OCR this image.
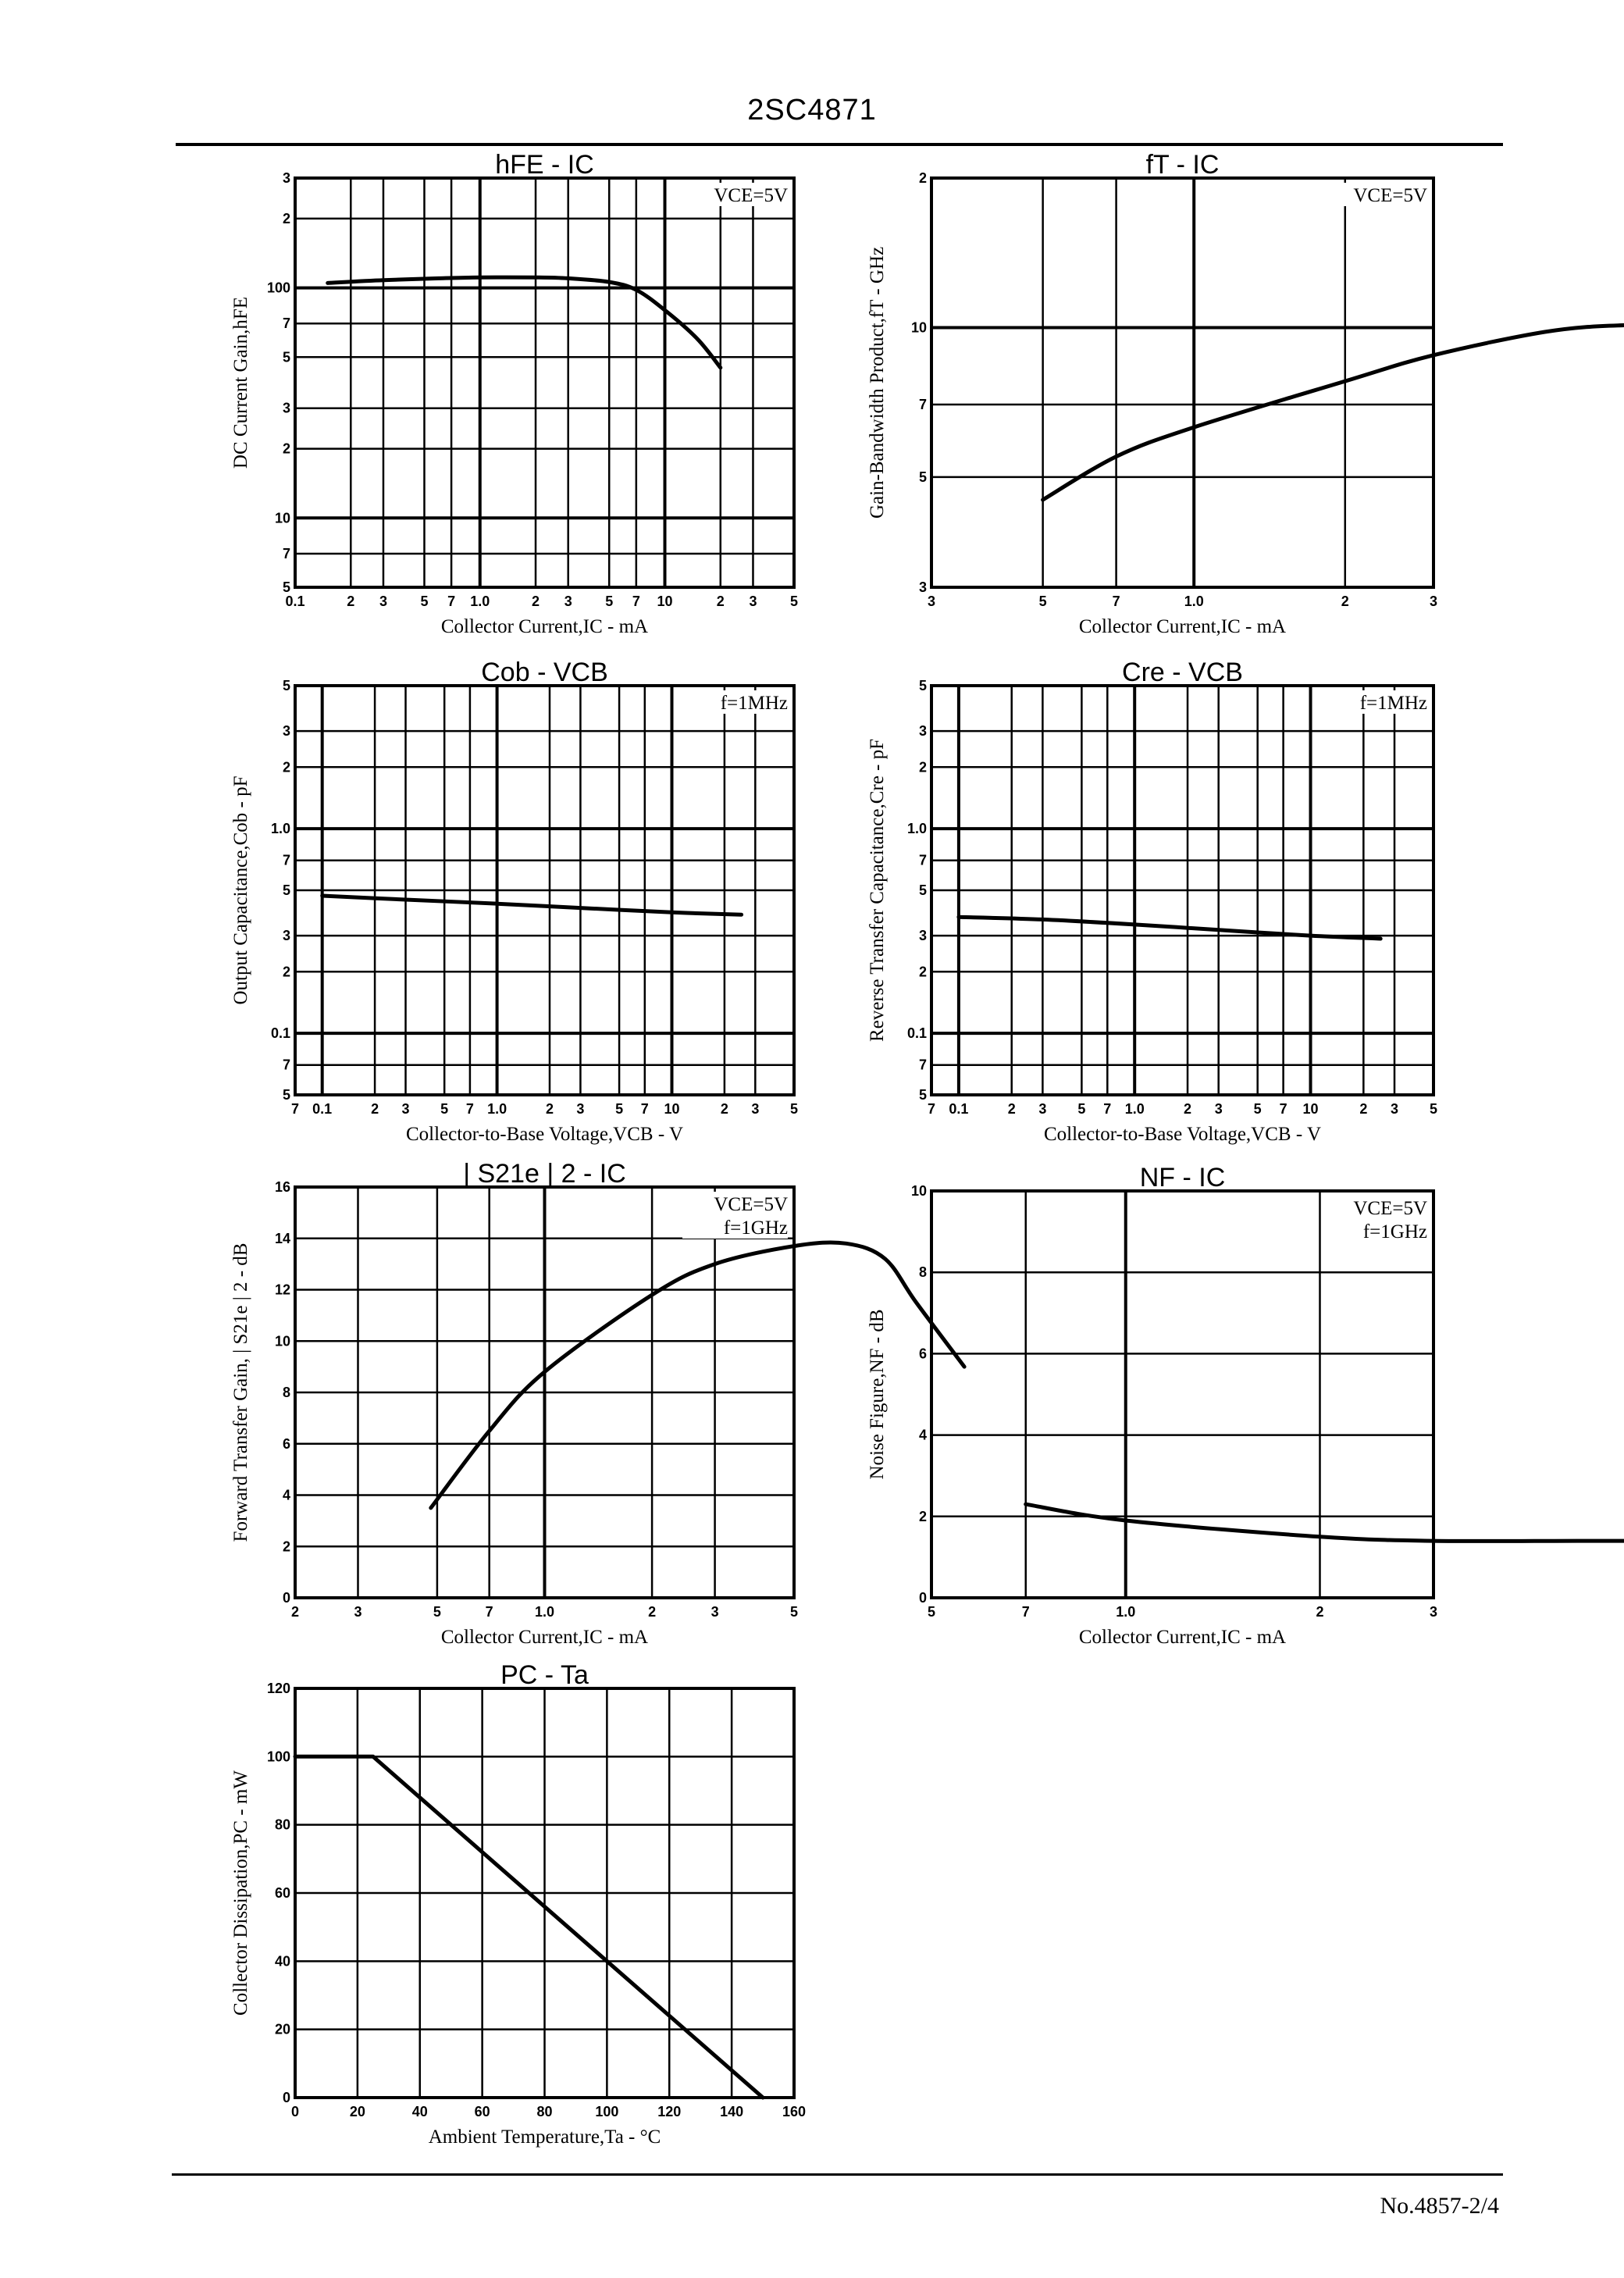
2SC4871
0.1	2 3 5 7 1.0	2 3 5 7 10	2 3 5
5
7
10
2
3
5
7
100
2
3	hFE - IC
Collector Current,IC - mA
DC Current Gain,hFE
VCE=5V
3	5	7	1.0	2	3
3
5
7
10
2	fT - IC
Collector Current,IC - mA
Gain-Bandwidth Product,fT - GHz
VCE=5V
7 0.1	2 3 5 7 1.0	2 3 5 7 10	2 3 5
5
7
0.1
2
3
5
7
1.0
2
3
5	Cob - VCB
Collector-to-Base Voltage,VCB - V
Output Capacitance,Cob - pF
f=1MHz
7 0.1	2 3 5 7 1.0	2 3 5 7 10	2 3 5
5
7
0.1
2
3
5
7
1.0
2
3
5	Cre - VCB
Collector-to-Base Voltage,VCB - V
Reverse Transfer Capacitance,Cre - pF
f=1MHz
2	3	5	7	1.0	2	3	5
0
2
4
6
8
10
12
14
16	| S21e | 2 - IC
Collector Current,IC - mA
Forward Transfer Gain, | S21e | 2 - dB
VCE=5V
f=1GHz
5	7	1.0	2	3
0
2
4
6
8
10	NF - IC
Collector Current,IC - mA
Noise Figure,NF - dB
VCE=5V
f=1GHz
0	20	40	60	80	100	120	140	160
0
20
40
60
80
100
120	PC - Ta
Ambient Temperature,Ta - °C
Collector Dissipation,PC - mW
No.4857-2/4
